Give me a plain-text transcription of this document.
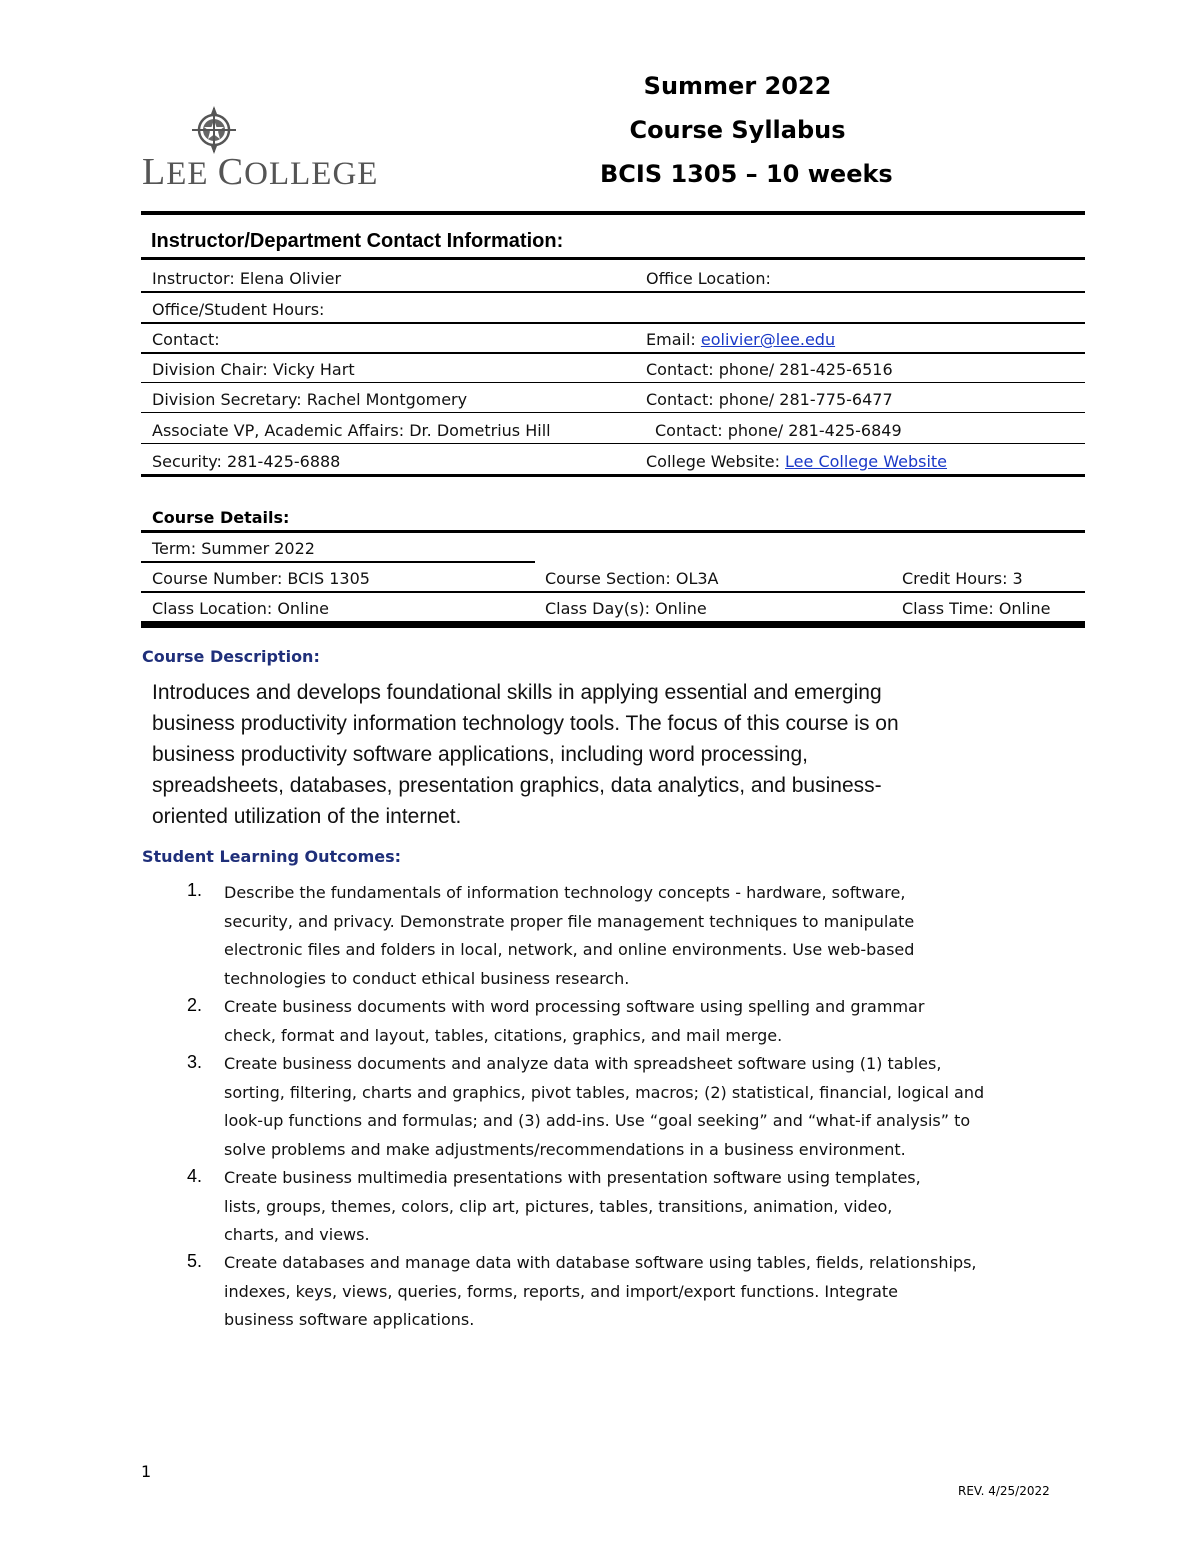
LEE COLLEGE
Summer 2022
Course Syllabus
BCIS 1305 – 10 weeks
Instructor/Department Contact Information:
Instructor: Elena Olivier	Office Location:
Office/Student Hours:
Contact:	Email: eolivier@lee.edu
Division Chair: Vicky Hart	Contact: phone/ 281-425-6516
Division Secretary: Rachel Montgomery	Contact: phone/ 281-775-6477
Associate VP, Academic Affairs: Dr. Dometrius Hill	Contact: phone/ 281-425-6849
Security: 281-425-6888	College Website: Lee College Website
Course Details:
Term: Summer 2022
Course Number: BCIS 1305	Course Section: OL3A	Credit Hours: 3
Class Location: Online	Class Day(s): Online	Class Time: Online
Course Description:
Introduces and develops foundational skills in applying essential and emerging
business productivity information technology tools. The focus of this course is on
business productivity software applications, including word processing,
spreadsheets, databases, presentation graphics, data analytics, and business-
oriented utilization of the internet.
Student Learning Outcomes:
1. Describe the fundamentals of information technology concepts - hardware, software,
security, and privacy. Demonstrate proper file management techniques to manipulate
electronic files and folders in local, network, and online environments. Use web-based
technologies to conduct ethical business research.
2. Create business documents with word processing software using spelling and grammar
check, format and layout, tables, citations, graphics, and mail merge.
3. Create business documents and analyze data with spreadsheet software using (1) tables,
sorting, filtering, charts and graphics, pivot tables, macros; (2) statistical, financial, logical and
look-up functions and formulas; and (3) add-ins. Use “goal seeking” and “what-if analysis” to
solve problems and make adjustments/recommendations in a business environment.
4. Create business multimedia presentations with presentation software using templates,
lists, groups, themes, colors, clip art, pictures, tables, transitions, animation, video,
charts, and views.
5. Create databases and manage data with database software using tables, fields, relationships,
indexes, keys, views, queries, forms, reports, and import/export functions. Integrate
business software applications.
1
REV. 4/25/2022
